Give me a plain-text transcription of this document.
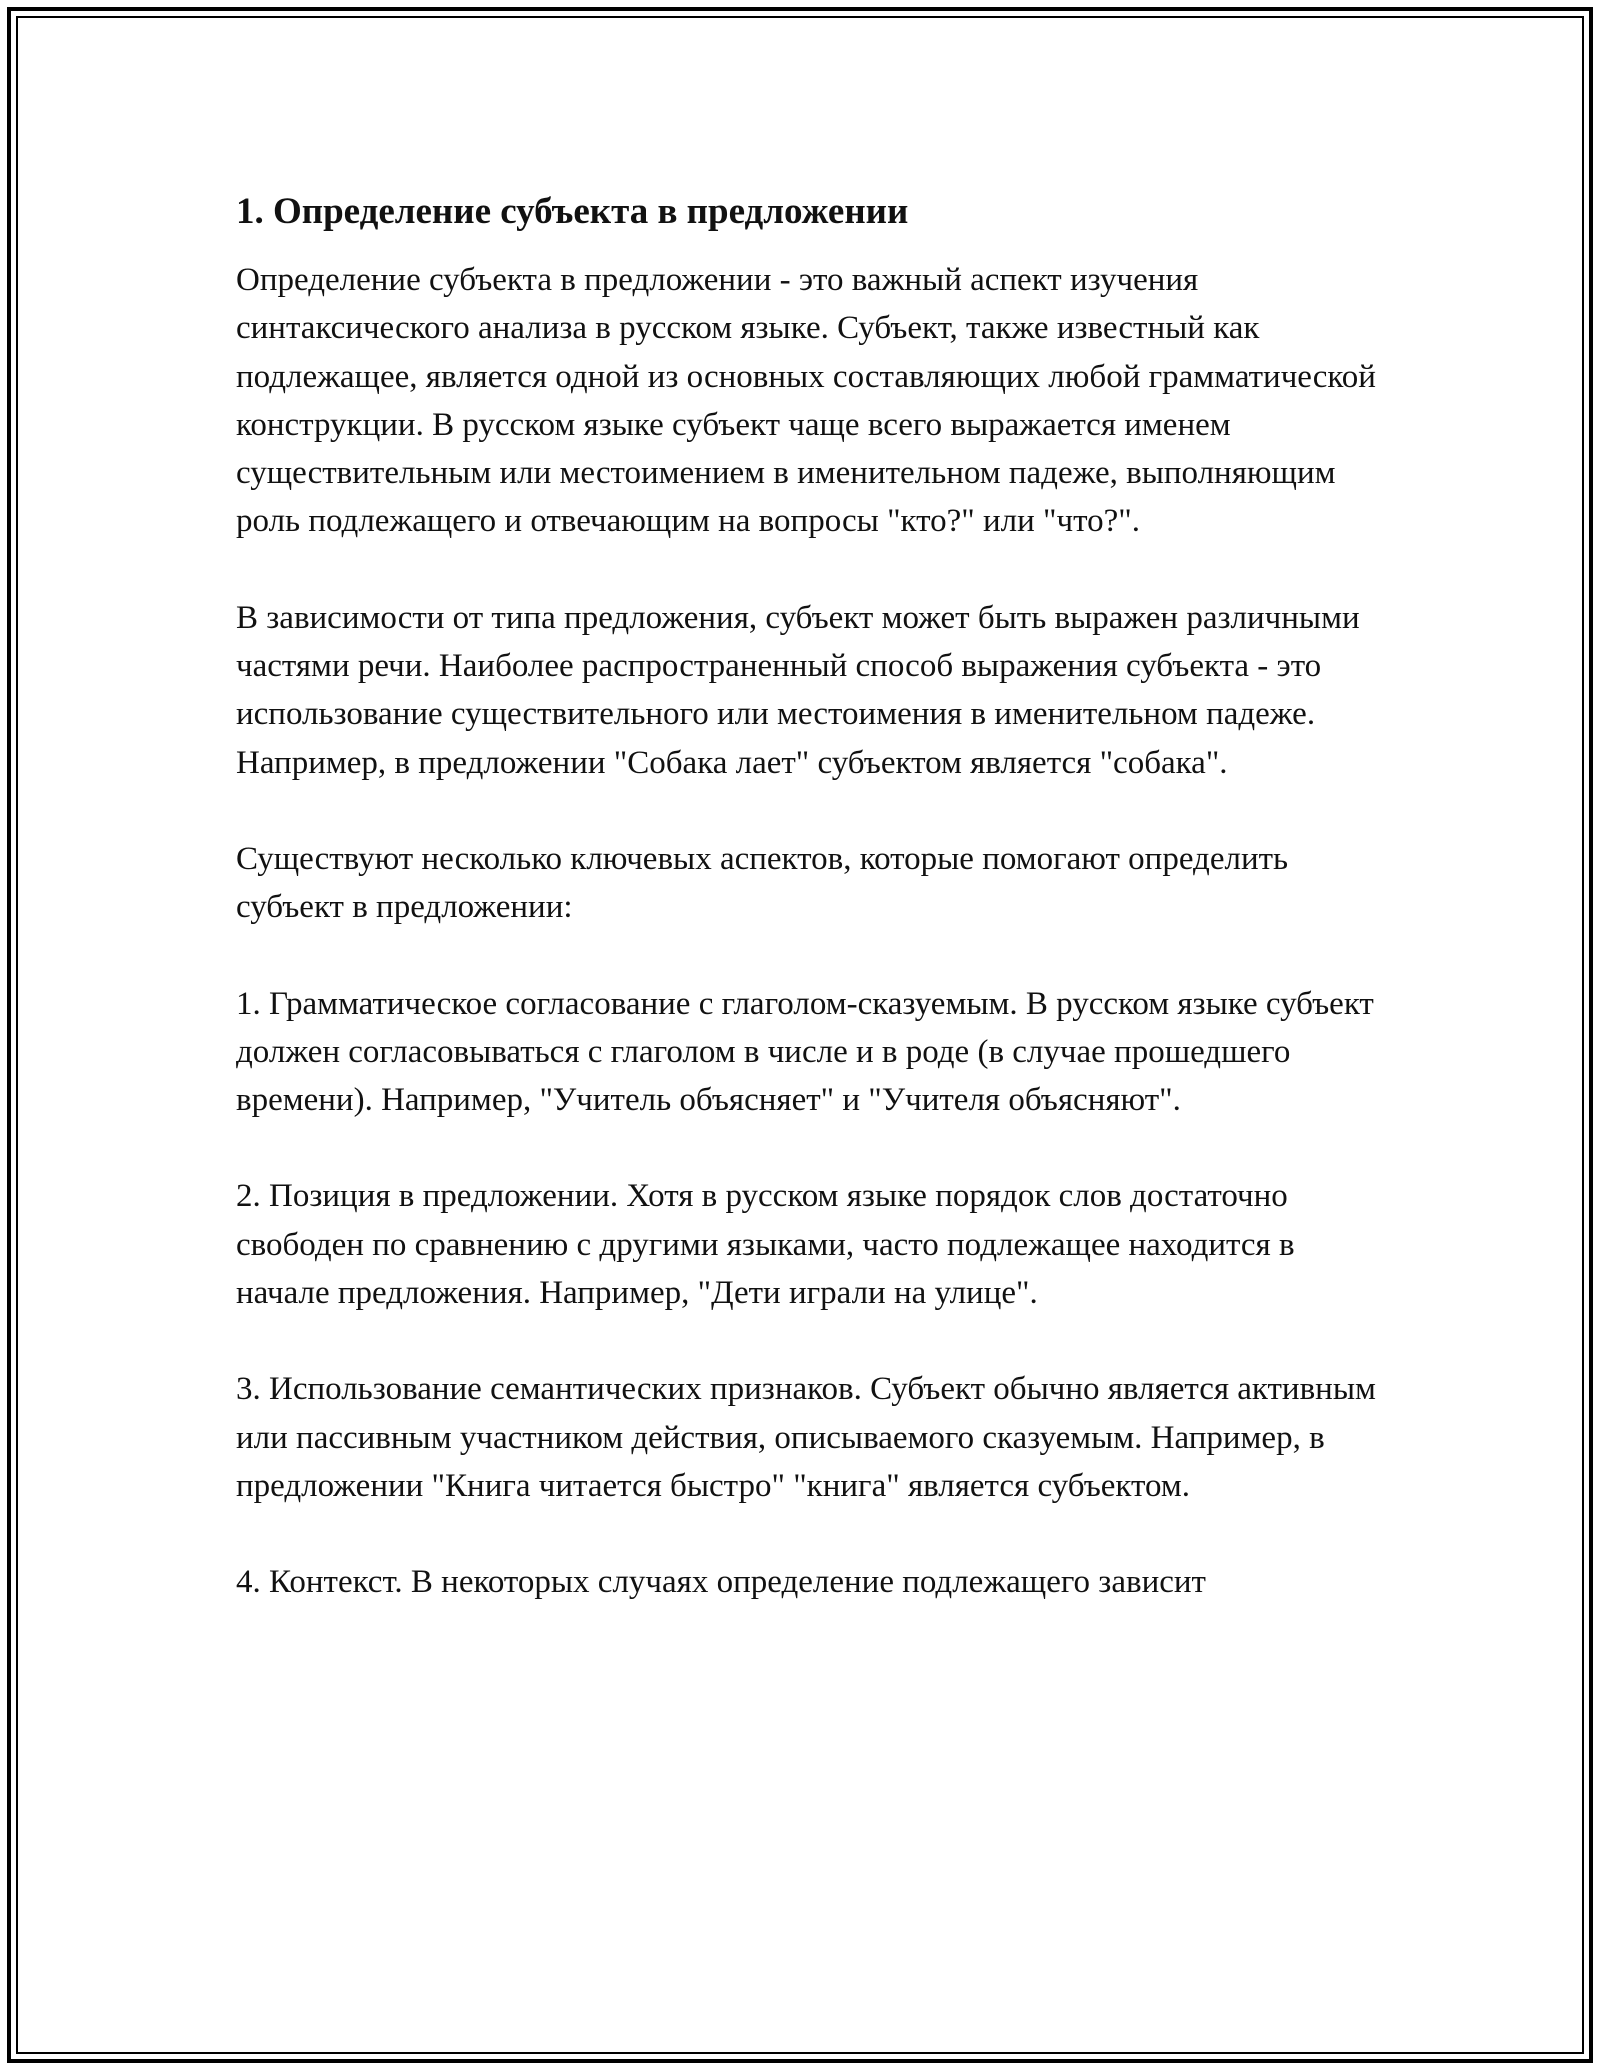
1. Определение субъекта в предложении

Определение субъекта в предложении - это важный аспект изучения синтаксического анализа в русском языке. Субъект, также известный как подлежащее, является одной из основных составляющих любой грамматической конструкции. В русском языке субъект чаще всего выражается именем существительным или местоимением в именительном падеже, выполняющим роль подлежащего и отвечающим на вопросы "кто?" или "что?".

В зависимости от типа предложения, субъект может быть выражен различными частями речи. Наиболее распространенный способ выражения субъекта - это использование существительного или местоимения в именительном падеже. Например, в предложении "Собака лает" субъектом является "собака".

Существуют несколько ключевых аспектов, которые помогают определить субъект в предложении:

1. Грамматическое согласование с глаголом-сказуемым. В русском языке субъект должен согласовываться с глаголом в числе и в роде (в случае прошедшего времени). Например, "Учитель объясняет" и "Учителя объясняют".

2. Позиция в предложении. Хотя в русском языке порядок слов достаточно свободен по сравнению с другими языками, часто подлежащее находится в начале предложения. Например, "Дети играли на улице".

3. Использование семантических признаков. Субъект обычно является активным или пассивным участником действия, описываемого сказуемым. Например, в предложении "Книга читается быстро" "книга" является субъектом.

4. Контекст. В некоторых случаях определение подлежащего зависит
